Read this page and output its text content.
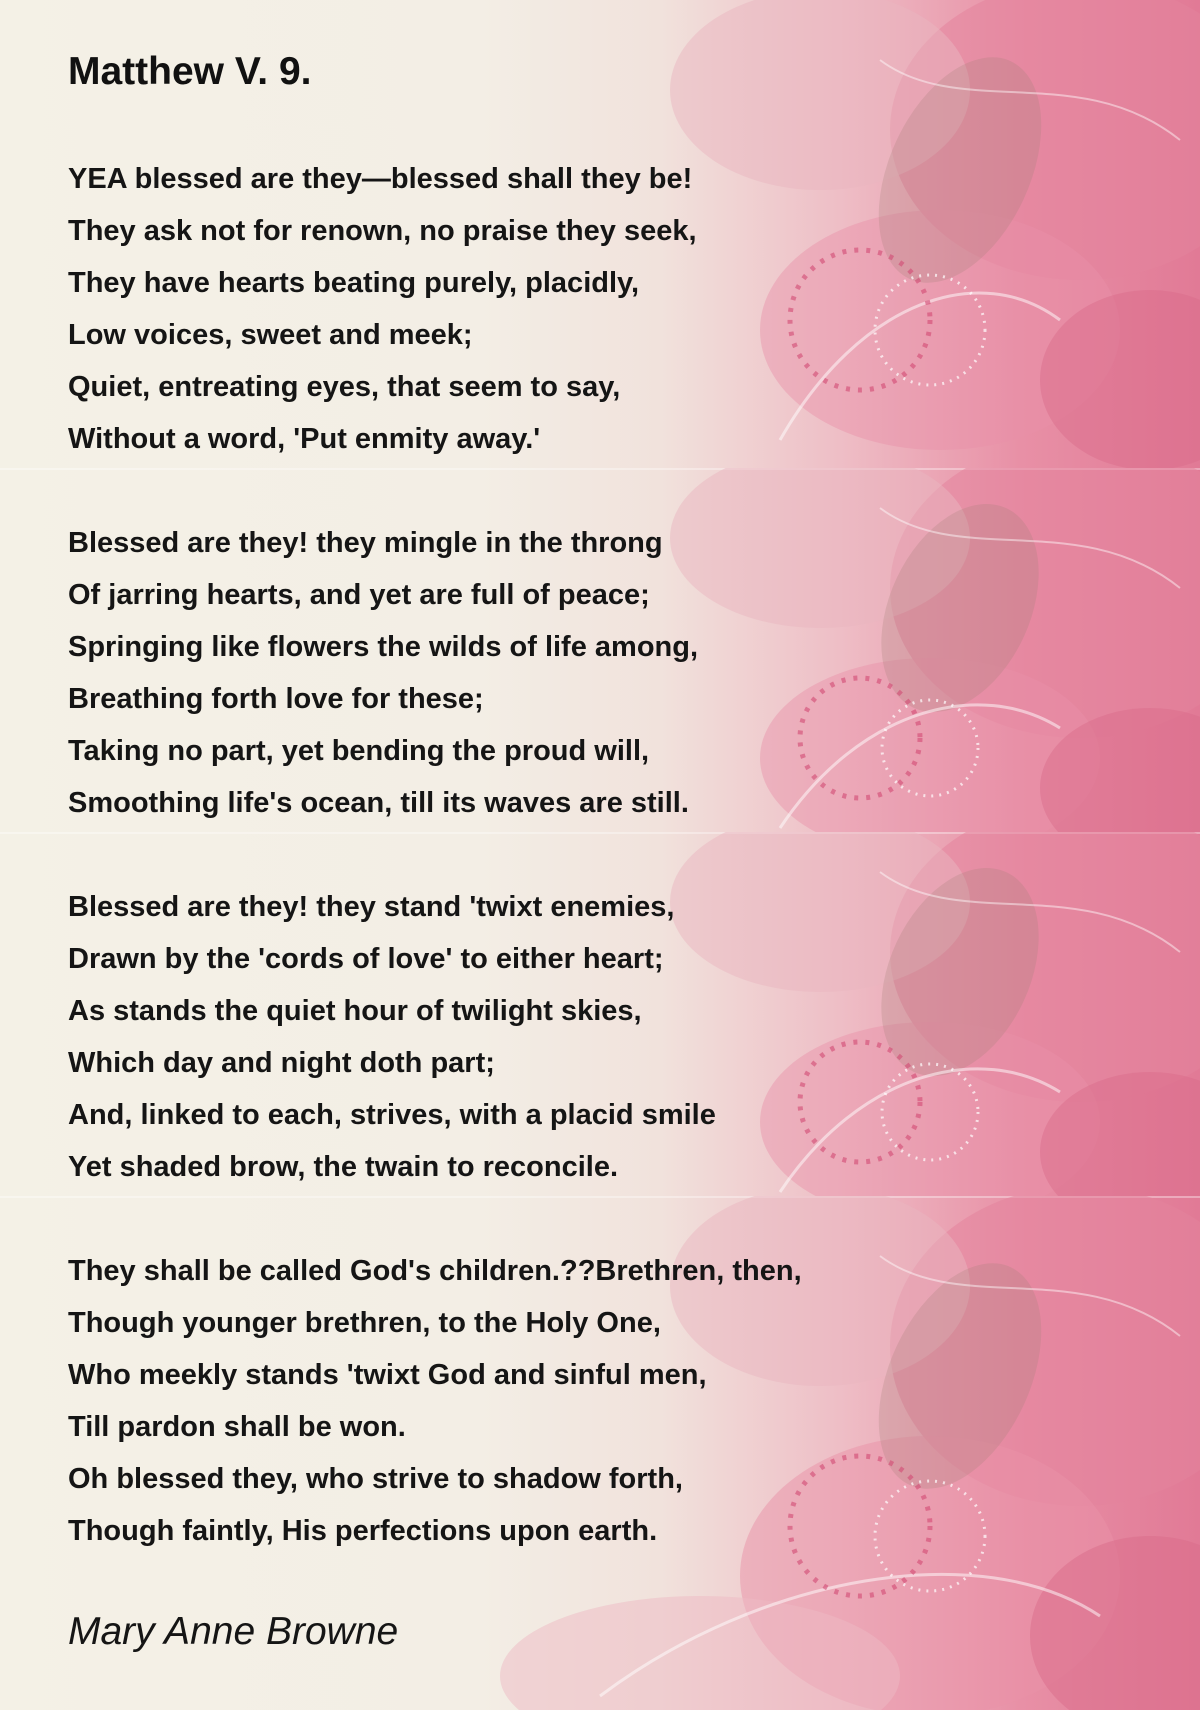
Matthew V. 9.
YEA blessed are they—blessed shall they be!
They ask not for renown, no praise they seek,
They have hearts beating purely, placidly,
Low voices, sweet and meek;
Quiet, entreating eyes, that seem to say,
Without a word, 'Put enmity away.'
Blessed are they! they mingle in the throng
Of jarring hearts, and yet are full of peace;
Springing like flowers the wilds of life among,
Breathing forth love for these;
Taking no part, yet bending the proud will,
Smoothing life's ocean, till its waves are still.
Blessed are they! they stand 'twixt enemies,
Drawn by the 'cords of love' to either heart;
As stands the quiet hour of twilight skies,
Which day and night doth part;
And, linked to each, strives, with a placid smile
Yet shaded brow, the twain to reconcile.
They shall be called God's children.??Brethren, then,
Though younger brethren, to the Holy One,
Who meekly stands 'twixt God and sinful men,
Till pardon shall be won.
Oh blessed they, who strive to shadow forth,
Though faintly, His perfections upon earth.

Mary Anne Browne
